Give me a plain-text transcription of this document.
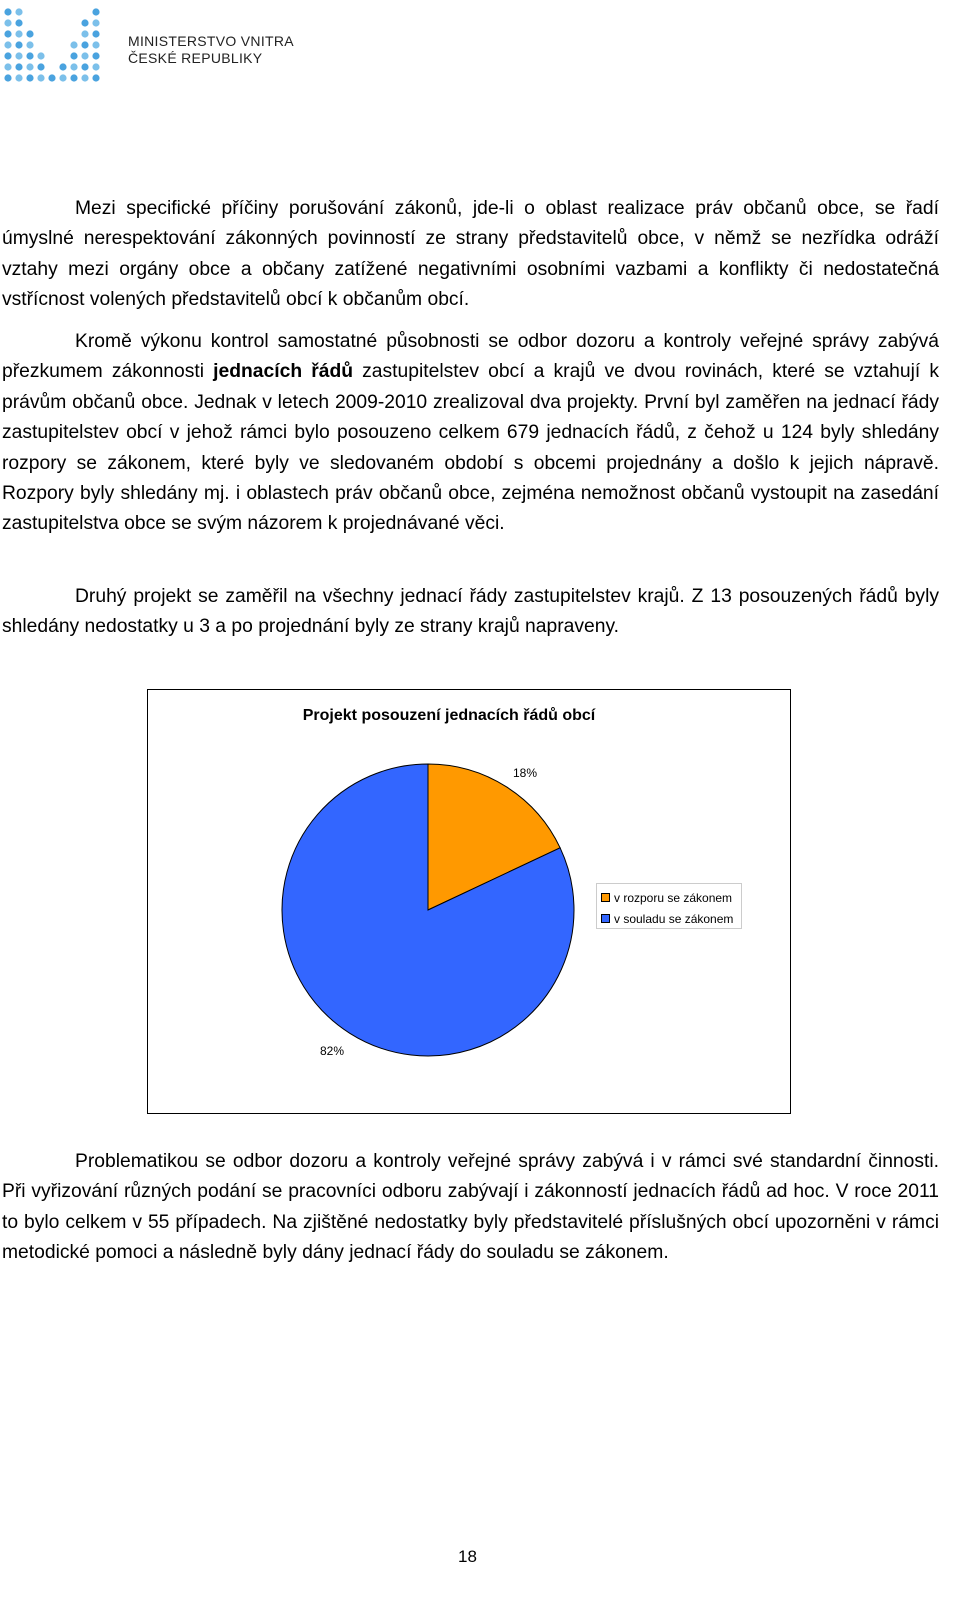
MINISTERSTVO VNITRA
ČESKÉ REPUBLIKY
Mezi specifické příčiny porušování zákonů, jde-li o oblast realizace práv občanů obce, se řadí úmyslné nerespektování zákonných povinností ze strany představitelů obce, v němž se nezřídka odráží vztahy mezi orgány obce a občany zatížené negativními osobními vazbami a konflikty či nedostatečná vstřícnost volených představitelů obcí k občanům obcí.
Kromě výkonu kontrol samostatné působnosti se odbor dozoru a kontroly veřejné správy zabývá přezkumem zákonnosti jednacích řádů zastupitelstev obcí a krajů ve dvou rovinách, které se vztahují k právům občanů obce. Jednak v letech 2009-2010 zrealizoval dva projekty. První byl zaměřen na jednací řády zastupitelstev obcí v jehož rámci bylo posouzeno celkem 679 jednacích řádů, z čehož u 124 byly shledány rozpory se zákonem, které byly ve sledovaném období s obcemi projednány a došlo k jejich nápravě. Rozpory byly shledány mj. i oblastech práv občanů obce, zejména nemožnost občanů vystoupit na zasedání zastupitelstva obce se svým názorem k projednávané věci.
Druhý projekt se zaměřil na všechny jednací řády zastupitelstev krajů. Z 13 posouzených řádů byly shledány nedostatky u 3 a po projednání byly ze strany krajů napraveny.
Projekt posouzení jednacích řádů obcí
18%
82%
v rozporu se zákonem
v souladu se zákonem
Problematikou se odbor dozoru a kontroly veřejné správy zabývá i v rámci své standardní činnosti. Při vyřizování různých podání se pracovníci odboru zabývají i zákonností jednacích řádů ad hoc. V roce 2011 to bylo celkem v 55 případech. Na zjištěné nedostatky byly představitelé příslušných obcí upozorněni v rámci metodické pomoci a následně byly dány jednací řády do souladu se zákonem.
18
